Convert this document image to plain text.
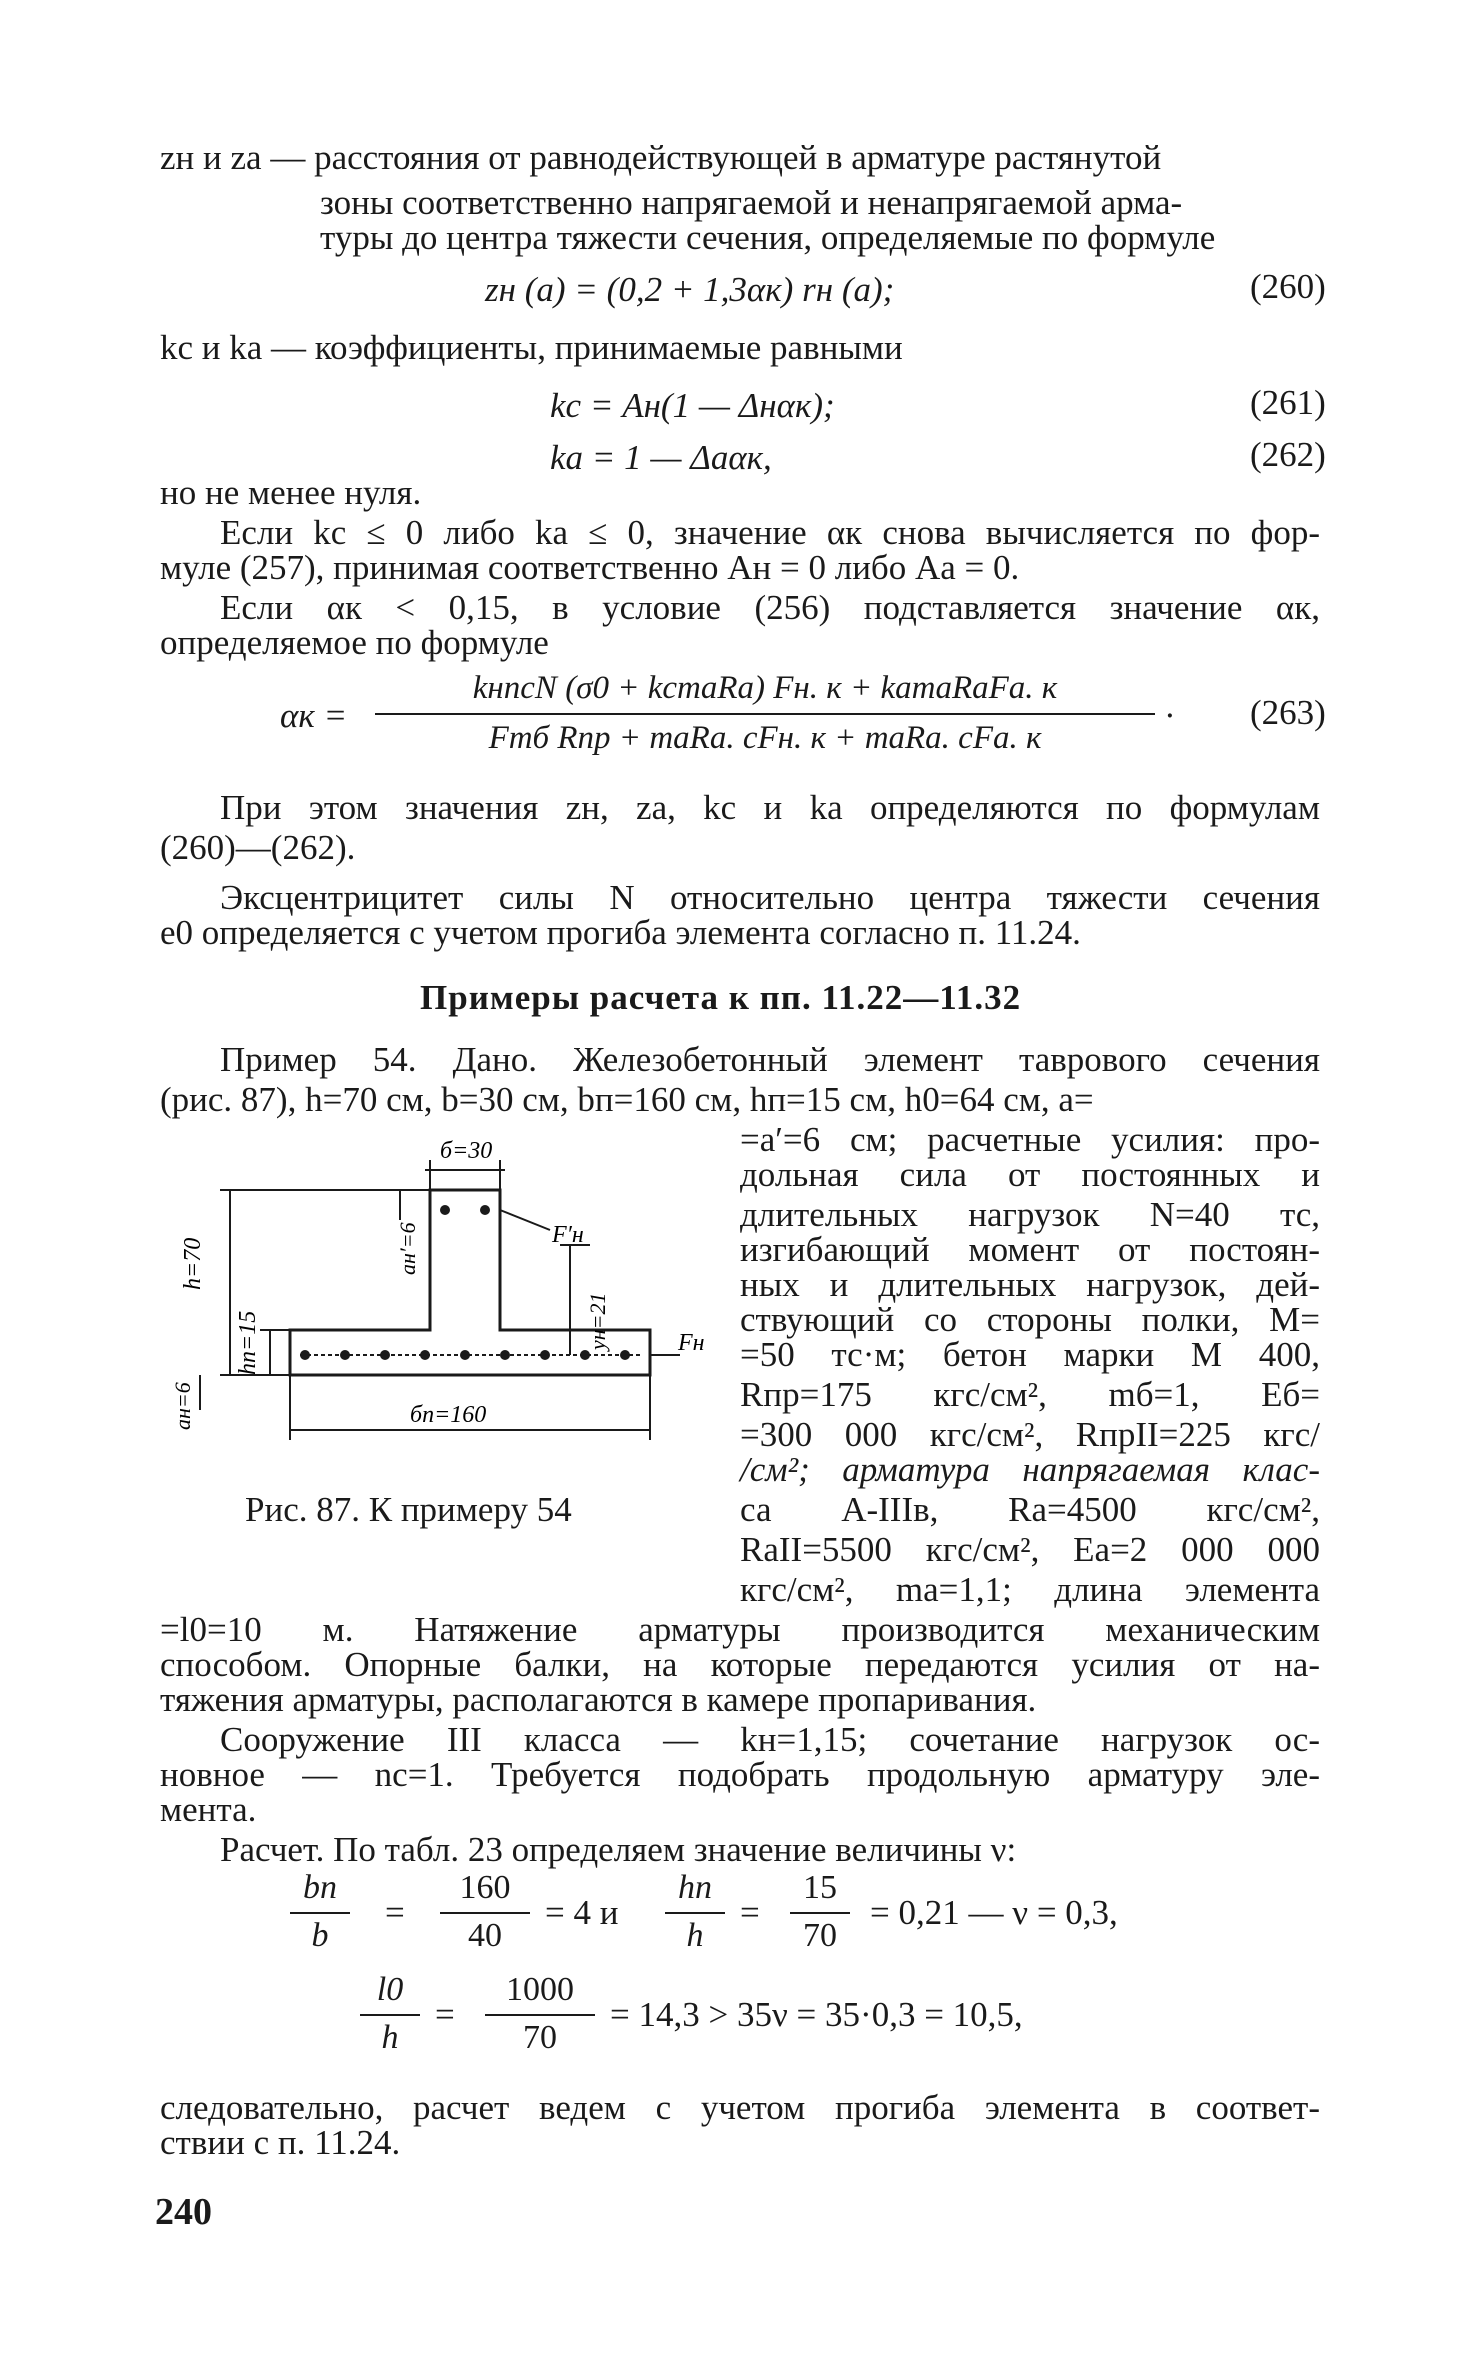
zн и zа — расстояния от равнодействующей в арматуре растянутой
зоны соответственно напрягаемой и ненапрягаемой арма-
туры до центра тяжести сечения, определяемые по формуле
zн (а) = (0,2 + 1,3αк) rн (а);	(260)
kс и kа — коэффициенты, принимаемые равными
kс = Aн(1 — Δнαк);	(261)
kа = 1 — Δаαк,	(262)
но не менее нуля.
Если kс ≤ 0 либо kа ≤ 0, значение αк снова вычисляется по фор-
муле (257), принимая соответственно Aн = 0 либо Aа = 0.
Если αк < 0,15, в условие (256) подставляется значение αк,
определяемое по формуле
αк =
kнnсN (σ0 + kсmаRа) Fн. к + kаmаRаFа. к
Fmб Rпр + mаRа. сFн. к + mаRа. сFа. к
· (263)
При этом значения zн, zа, kс и kа определяются по формулам
(260)—(262).
Эксцентрицитет силы N относительно центра тяжести сечения
e0 определяется с учетом прогиба элемента согласно п. 11.24.
Примеры расчета к пп. 11.22—11.32
Пример 54. Дано. Железобетонный элемент таврового сечения
(рис. 87), h=70 см, b=30 см, bп=160 см, hп=15 см, h0=64 см, a=
=a′=6 см; расчетные усилия: про-
дольная сила от постоянных и
длительных нагрузок N=40 тс,
изгибающий момент от постоян-
ных и длительных нагрузок, дей-
ствующий со стороны полки, M=
=50 тс·м; бетон марки М 400,
Rпр=175 кгс/см², mб=1, Eб=
=300 000 кгс/см², RпрII=225 кгс/
/см²; арматура напрягаемая клас-
са A-IIIв, Rа=4500 кгс/см²,
RаII=5500 кгс/см², Eа=2 000 000
кгс/см², mа=1,1; длина элемента
б=30
h=70
hп=15
aн′=6
yн=21
F′н
Fн
бп=160
ан=6
Рис. 87. К примеру 54
=l0=10 м. Натяжение арматуры производится механическим
способом. Опорные балки, на которые передаются усилия от на-
тяжения арматуры, располагаются в камере пропаривания.
Сооружение III класса — kн=1,15; сочетание нагрузок ос-
новное — nс=1. Требуется подобрать продольную арматуру эле-
мента.
Расчет. По табл. 23 определяем значение величины ν:
bп
b
=
160
40
= 4 и
hп
h
=
15
70
= 0,21 — ν = 0,3,
l0
h
=
1000
70
= 14,3 > 35ν = 35·0,3 = 10,5,
следовательно, расчет ведем с учетом прогиба элемента в соответ-
ствии с п. 11.24.
240
